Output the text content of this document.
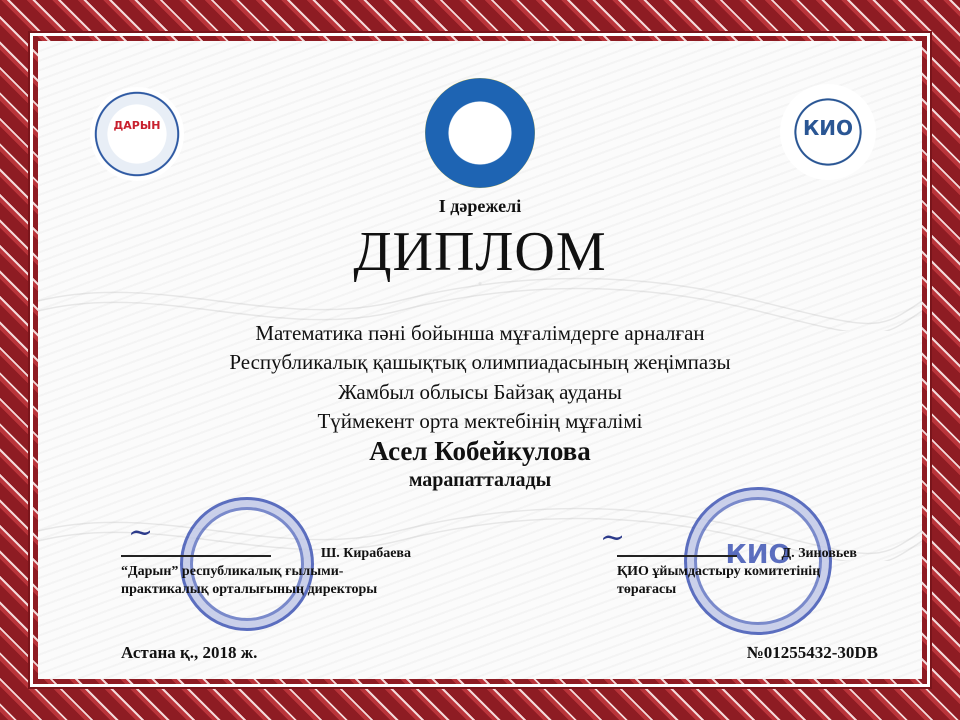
ДАРЫН	БҒМ	КИО
І дәрежелі
ДИПЛОМ
Математика пәні бойынша мұғалімдерге арналған
Республикалық қашықтық олимпиадасының жеңімпазы
Жамбыл облысы Байзақ ауданы
Түймекент орта мектебінің мұғалімі
Асел Кобейкулова
марапатталады
КИО
~	~
Ш. Кирабаева
“Дарын” республикалық ғылыми-
практикалық орталығының директоры
Д. Зиновьев
ҚИО ұйымдастыру комитетінің
төрағасы
Астана қ., 2018 ж.	№01255432-30DB
